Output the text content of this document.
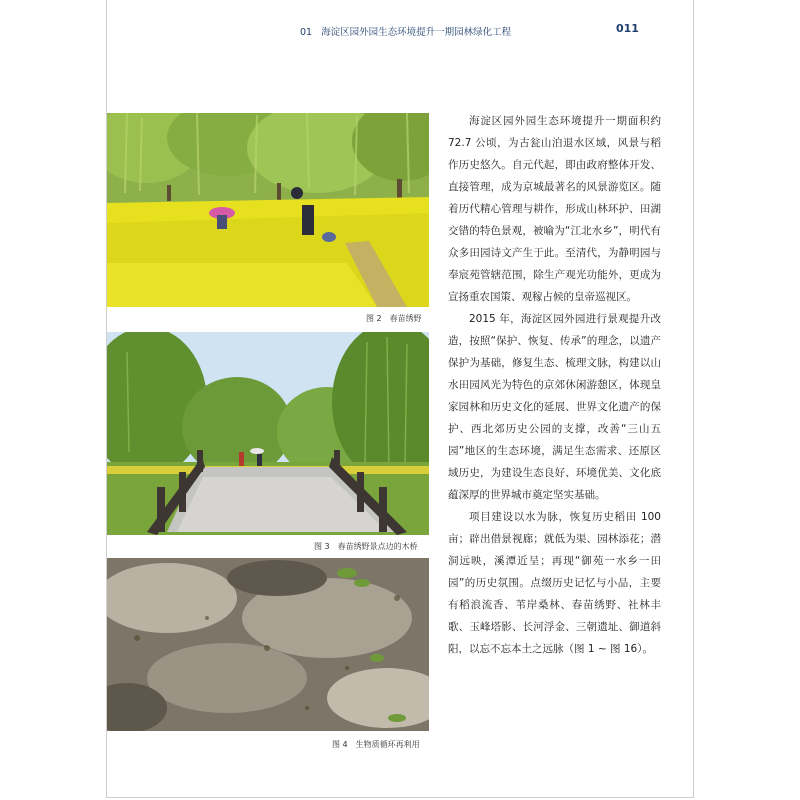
01 海淀区园外园生态环境提升一期园林绿化工程	011
图 2　春苗绣野
图 3　春苗绣野景点边的木桥
图 4　生物质循环再利用

海淀区园外园生态环境提升一期面积约 72.7 公顷，为古瓮山泊退水区域，风景与稻作历史悠久。自元代起，即由政府整体开发、直接管理，成为京城最著名的风景游览区。随着历代精心管理与耕作，形成山林环护、田湖交错的特色景观，被喻为“江北水乡”，明代有众多田园诗文产生于此。至清代，为静明园与奉宸苑管辖范围，除生产观光功能外，更成为宣扬重农国策、观稼占候的皇帝巡视区。

2015 年，海淀区园外园进行景观提升改造，按照“保护、恢复、传承”的理念，以遗产保护为基础，修复生态、梳理文脉，构建以山水田园风光为特色的京郊休闲游憩区，体现皇家园林和历史文化的延展、世界文化遗产的保护、西北郊历史公园的支撑，改善“三山五园”地区的生态环境，满足生态需求、还原区域历史，为建设生态良好、环境优美、文化底蕴深厚的世界城市奠定坚实基础。

项目建设以水为脉，恢复历史稻田 100 亩；辟出借景视廊；就低为渠、园林添花；潜洞远映，溪潭近呈；再现“御苑一水乡一田园”的历史氛围。点缀历史记忆与小品，主要有稻浪流香、苇岸桑林、春苗绣野、社林丰歌、玉峰塔影、长河浮金、三朝遗址、御道斜阳，以忘不忘本土之远脉（图 1 ~ 图 16）。
